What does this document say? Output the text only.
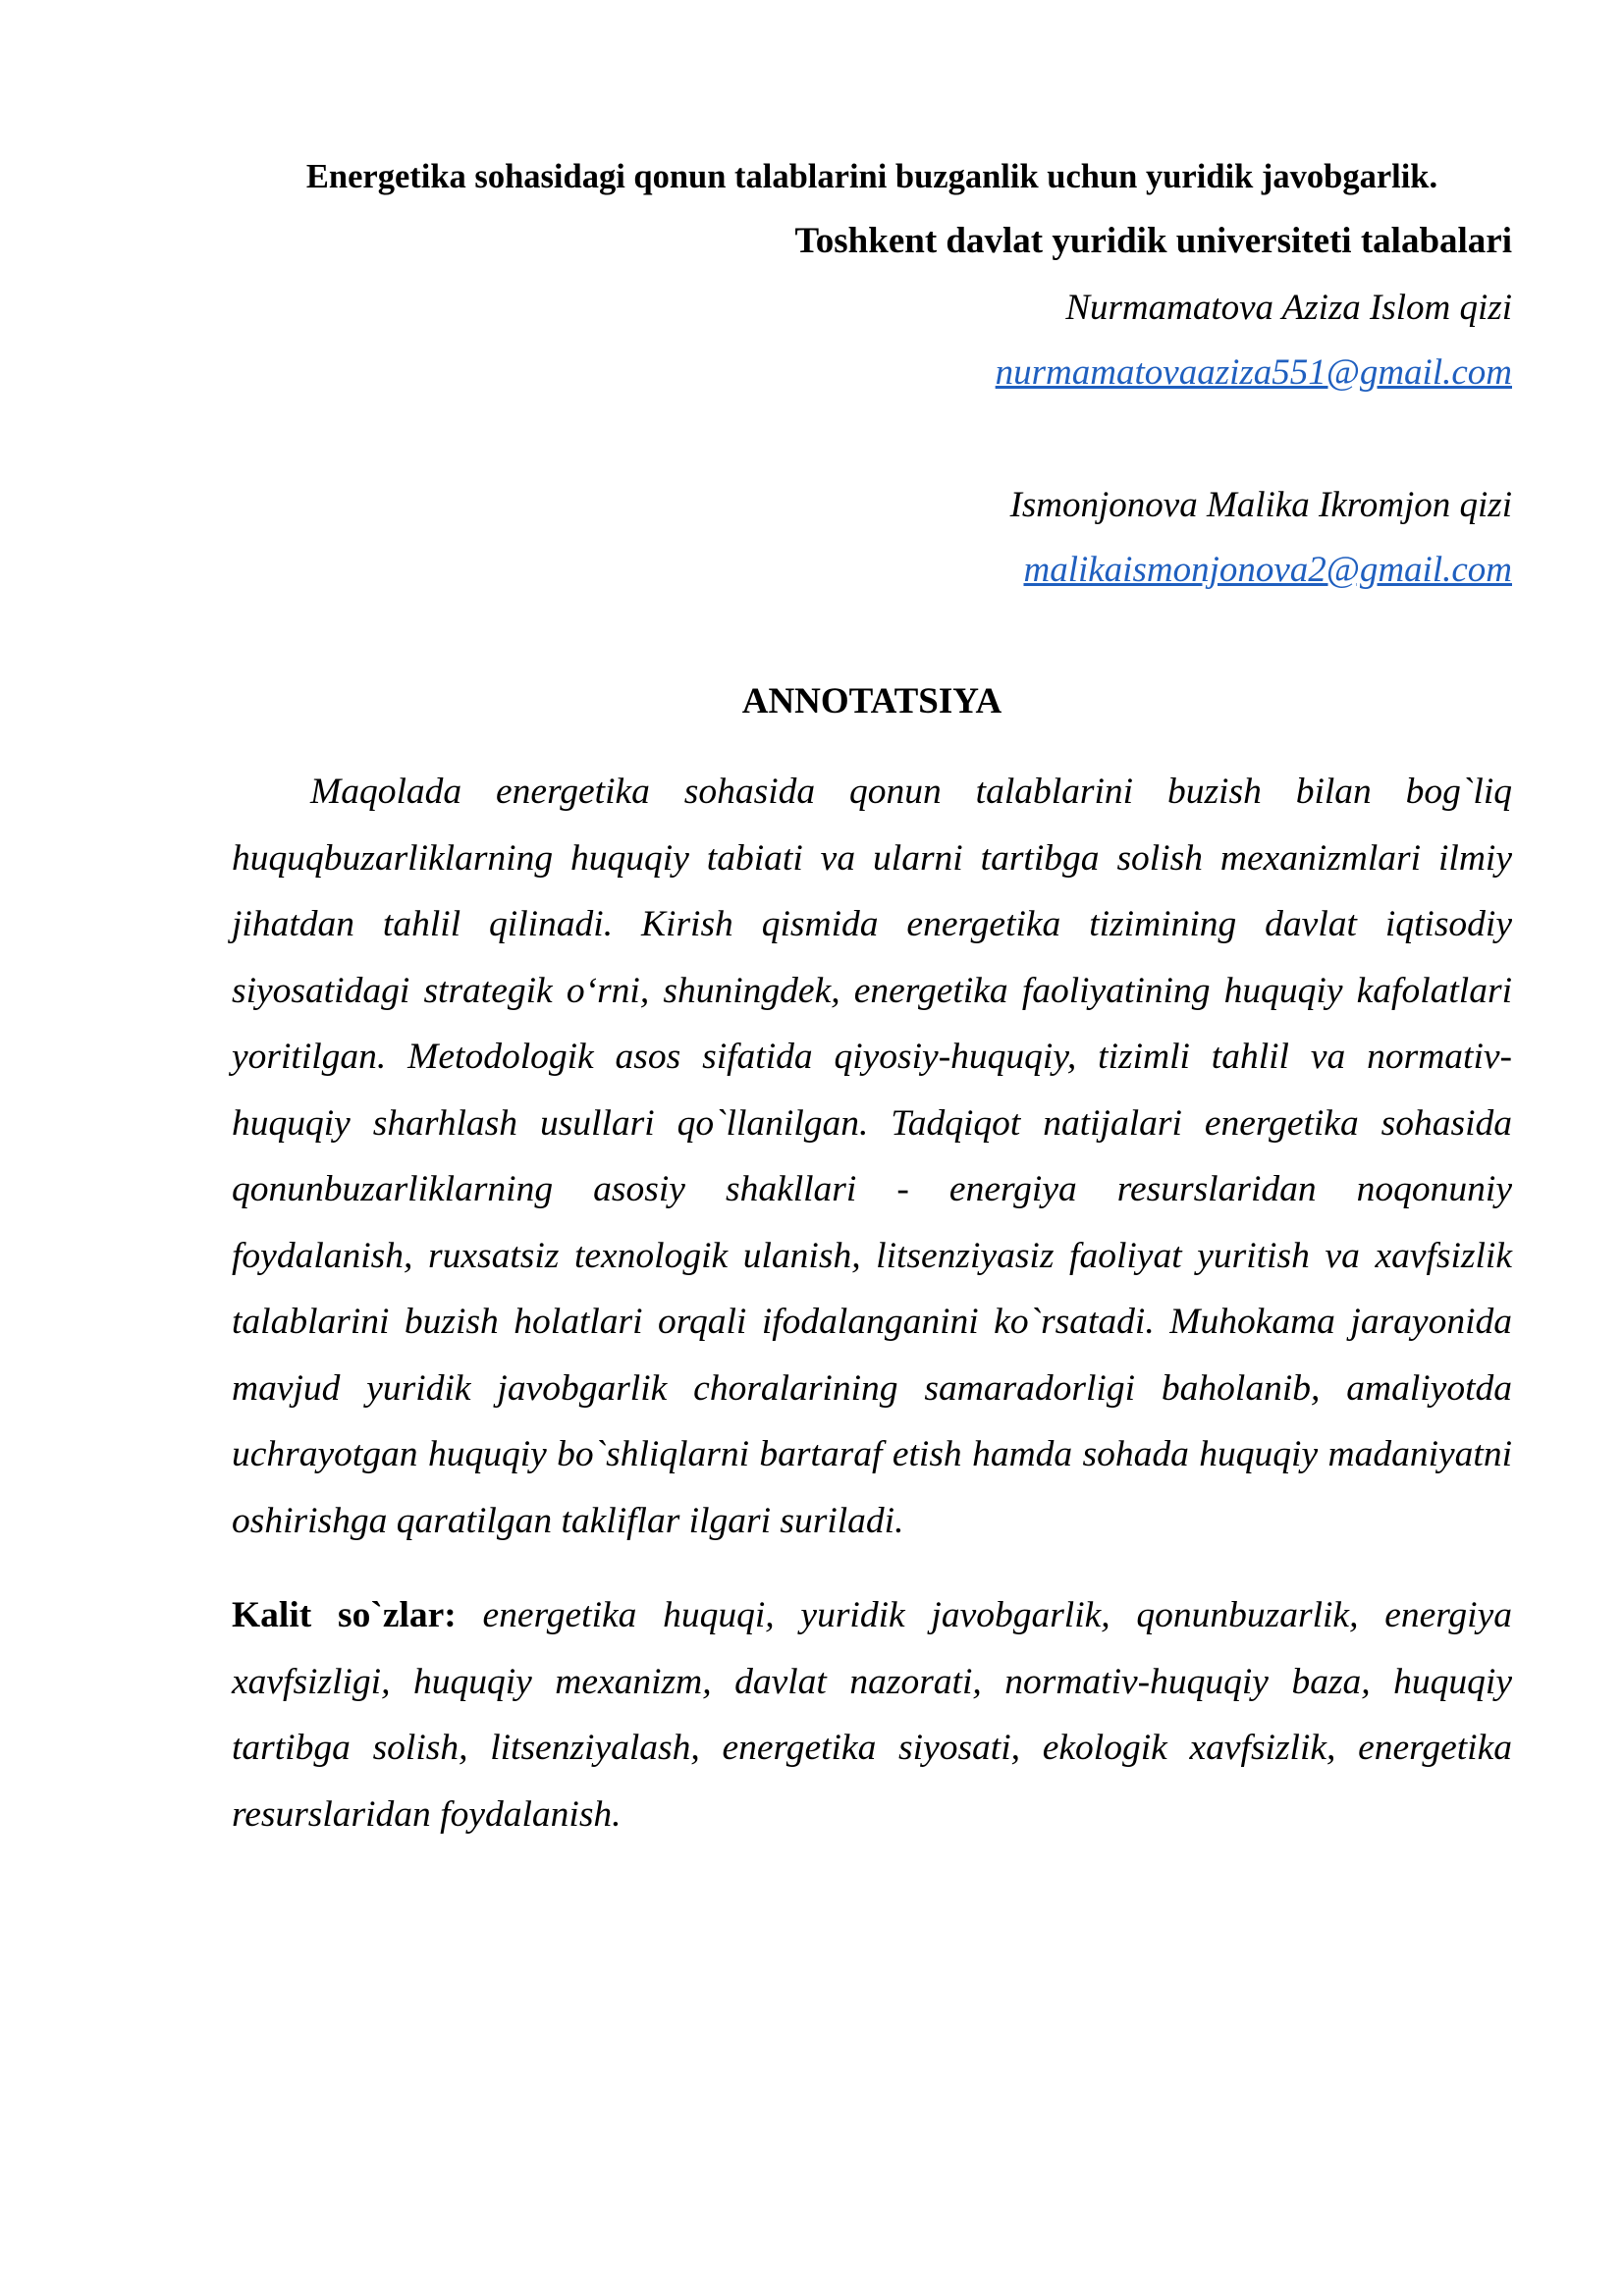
Energetika sohasidagi qonun talablarini buzganlik uchun yuridik javobgarlik.
Toshkent davlat yuridik universiteti talabalari
Nurmamatova Aziza Islom qizi
nurmamatovaaziza551@gmail.com
Ismonjonova Malika Ikromjon qizi
malikaismonjonova2@gmail.com
ANNOTATSIYA

Maqolada energetika sohasida qonun talablarini buzish bilan bog`liq huquqbuzarliklarning huquqiy tabiati va ularni tartibga solish mexanizmlari ilmiy jihatdan tahlil qilinadi. Kirish qismida energetika tizimining davlat iqtisodiy siyosatidagi strategik o‘rni, shuningdek, energetika faoliyatining huquqiy kafolatlari yoritilgan. Metodologik asos sifatida qiyosiy-huquqiy, tizimli tahlil va normativ-huquqiy sharhlash usullari qo`llanilgan. Tadqiqot natijalari energetika sohasida qonunbuzarliklarning asosiy shakllari - energiya resurslaridan noqonuniy foydalanish, ruxsatsiz texnologik ulanish, litsenziyasiz faoliyat yuritish va xavfsizlik talablarini buzish holatlari orqali ifodalanganini ko`rsatadi. Muhokama jarayonida mavjud yuridik javobgarlik choralarining samaradorligi baholanib, amaliyotda uchrayotgan huquqiy bo`shliqlarni bartaraf etish hamda sohada huquqiy madaniyatni oshirishga qaratilgan takliflar ilgari suriladi.

Kalit so`zlar: energetika huquqi, yuridik javobgarlik, qonunbuzarlik, energiya xavfsizligi, huquqiy mexanizm, davlat nazorati, normativ-huquqiy baza, huquqiy tartibga solish, litsenziyalash, energetika siyosati, ekologik xavfsizlik, energetika resurslaridan foydalanish.
